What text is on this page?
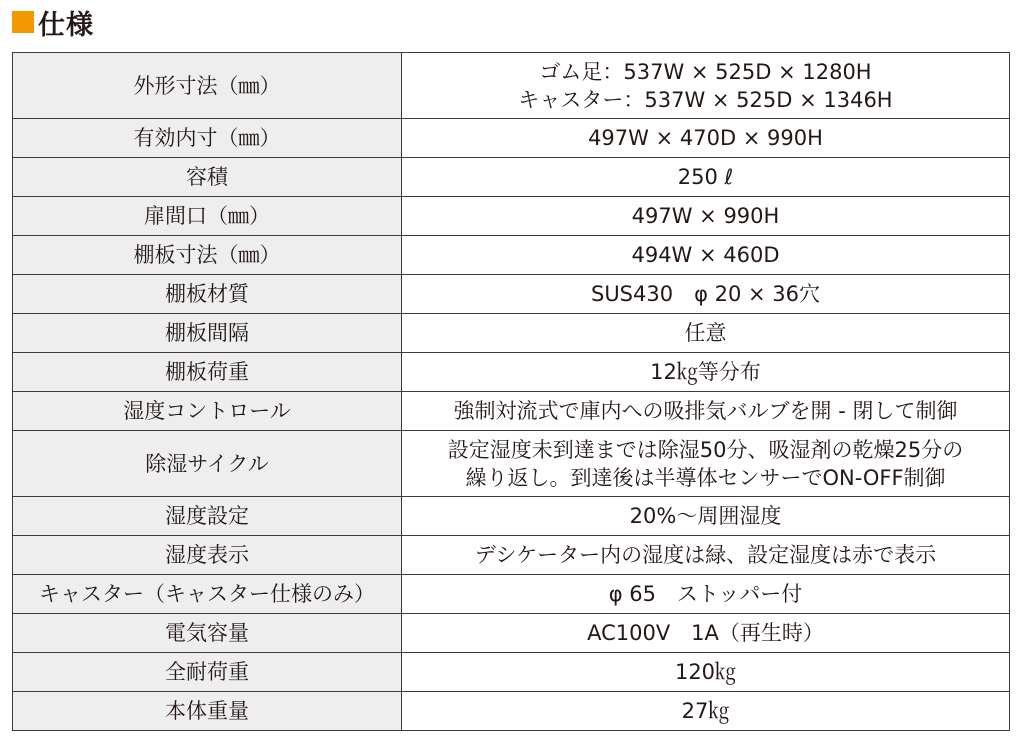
仕様
外形寸法（㎜）	ゴム足：537W × 525D × 1280H
キャスター：537W × 525D × 1346H

有効内寸（㎜）	497W × 470D × 990H
容積	250 ℓ
扉間口（㎜）	497W × 990H
棚板寸法（㎜）	494W × 460D
棚板材質	SUS430　φ 20 × 36穴
棚板間隔	任意
棚板荷重	12㎏等分布
湿度コントロール	強制対流式で庫内への吸排気バルブを開 - 閉して制御
除湿サイクル	設定湿度未到達までは除湿50分、吸湿剤の乾燥25分の
繰り返し。到達後は半導体センサーでON-OFF制御

湿度設定	20%〜周囲湿度
湿度表示	デシケーター内の湿度は緑、設定湿度は赤で表示
キャスター（キャスター仕様のみ）	φ 65　ストッパー付
電気容量	AC100V　1A（再生時）
全耐荷重	120㎏
本体重量	27㎏
